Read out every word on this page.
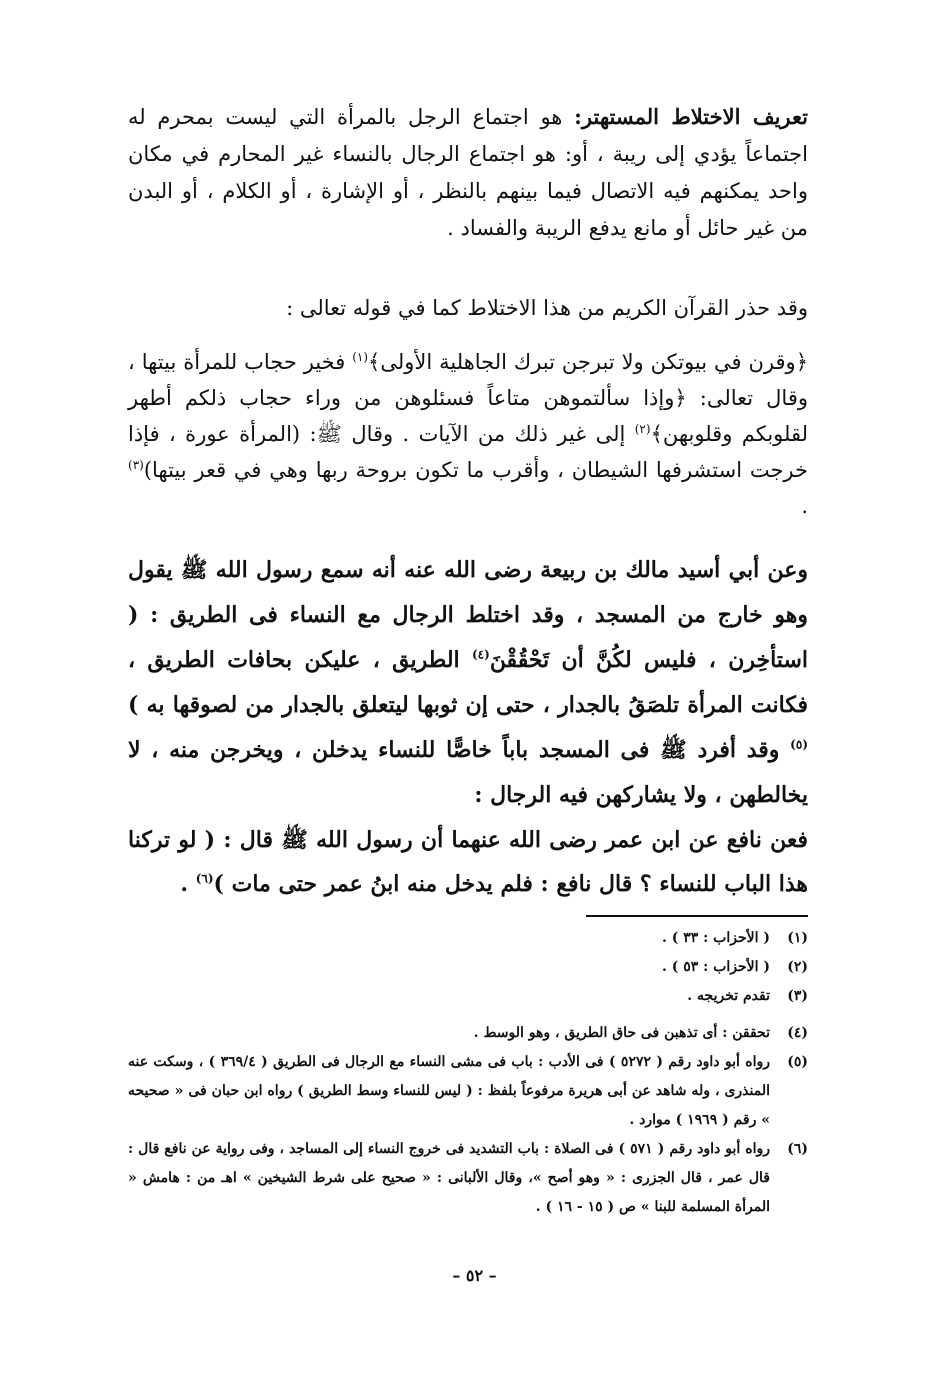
تعريف الاختلاط المستهتر: هو اجتماع الرجل بالمرأة التي ليست بمحرم له اجتماعاً يؤدي إلى ريبة ، أو: هو اجتماع الرجال بالنساء غير المحارم في مكان واحد يمكنهم فيه الاتصال فيما بينهم بالنظر ، أو الإشارة ، أو الكلام ، أو البدن من غير حائل أو مانع يدفع الريبة والفساد .

وقد حذر القرآن الكريم من هذا الاختلاط كما في قوله تعالى :

﴿وقرن في بيوتكن ولا تبرجن تبرك الجاهلية الأولى﴾$^{(١)}$ فخير حجاب للمرأة بيتها ، وقال تعالى: ﴿وإذا سألتموهن متاعاً فسئلوهن من وراء حجاب ذلكم أطهر لقلوبكم وقلوبهن﴾$^{(٢)}$ إلى غير ذلك من الآيات . وقال ﷺ: (المرأة عورة ، فإذا خرجت استشرفها الشيطان ، وأقرب ما تكون بروحة ربها وهي في قعر بيتها)$^{(٣)}$ .

وعن أبي أسيد مالك بن ربيعة رضى الله عنه أنه سمع رسول الله ﷺ يقول وهو خارج من المسجد ، وقد اختلط الرجال مع النساء فى الطريق : ( استأخِرن ، فليس لكُنَّ أن تَحْقُقْنَ$^{(٤)}$ الطريق ، عليكن بحافات الطريق ، فكانت المرأة تلصَقُ بالجدار ، حتى إن ثوبها ليتعلق بالجدار من لصوقها به )$^{(٥)}$ وقد أفرد ﷺ فى المسجد باباً خاصًّا للنساء يدخلن ، ويخرجن منه ، لا يخالطهن ، ولا يشاركهن فيه الرجال :

فعن نافع عن ابن عمر رضى الله عنهما أن رسول الله ﷺ قال : ( لو تركنا هذا الباب للنساء ؟ قال نافع : فلم يدخل منه ابنُ عمر حتى مات )$^{(٦)}$ .

(١)
( الأحزاب : ٣٣ ) .
(٢)
( الأحزاب : ٥٣ ) .
(٣)
تقدم تخريجه .
(٤)
تحققن : أى تذهبن فى حاق الطريق ، وهو الوسط .
(٥)
رواه أبو داود رقم ( ٥٢٧٢ ) فى الأدب : باب فى مشى النساء مع الرجال فى الطريق ( ٣٦٩/٤ ) ، وسكت عنه المنذرى ، وله شاهد عن أبى هريرة مرفوعاً بلفظ : ( ليس للنساء وسط الطريق ) رواه ابن حبان فى « صحيحه » رقم ( ١٩٦٩ ) موارد .
(٦)
رواه أبو داود رقم ( ٥٧١ ) فى الصلاة : باب التشديد فى خروج النساء إلى المساجد ، وفى رواية عن نافع قال : قال عمر ، قال الجزرى : « وهو أصح »، وقال الألبانى : « صحيح على شرط الشيخين » اهـ من : هامش « المرأة المسلمة للبنا » ص ( ١٥ - ١٦ ) .
– ٥٢ –
